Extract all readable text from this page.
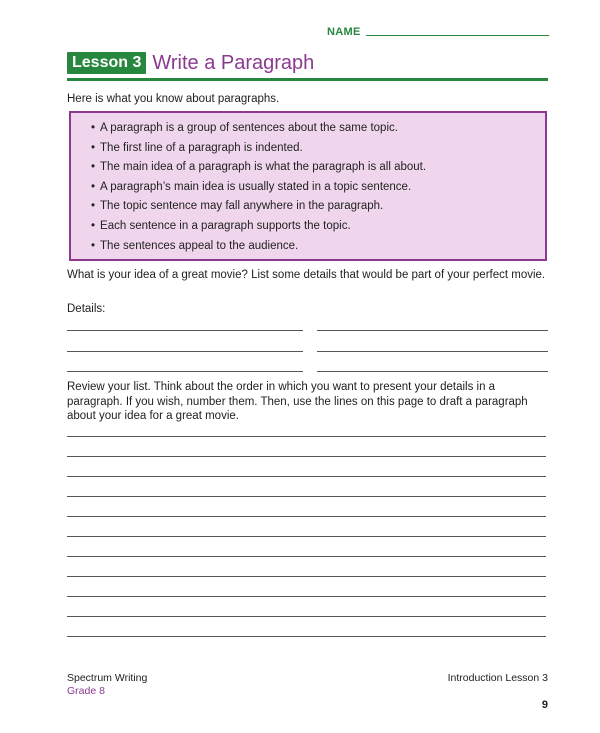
NAME
Lesson 3 Write a Paragraph
Here is what you know about paragraphs.
• A paragraph is a group of sentences about the same topic.
• The first line of a paragraph is indented.
• The main idea of a paragraph is what the paragraph is all about.
• A paragraph’s main idea is usually stated in a topic sentence.
• The topic sentence may fall anywhere in the paragraph.
• Each sentence in a paragraph supports the topic.
• The sentences appeal to the audience.
What is your idea of a great movie? List some details that would be part of your perfect movie.
Details:
Review your list. Think about the order in which you want to present your details in a paragraph. If you wish, number them. Then, use the lines on this page to draft a paragraph about your idea for a great movie.
Spectrum Writing
Grade 8
Introduction Lesson 3
9
